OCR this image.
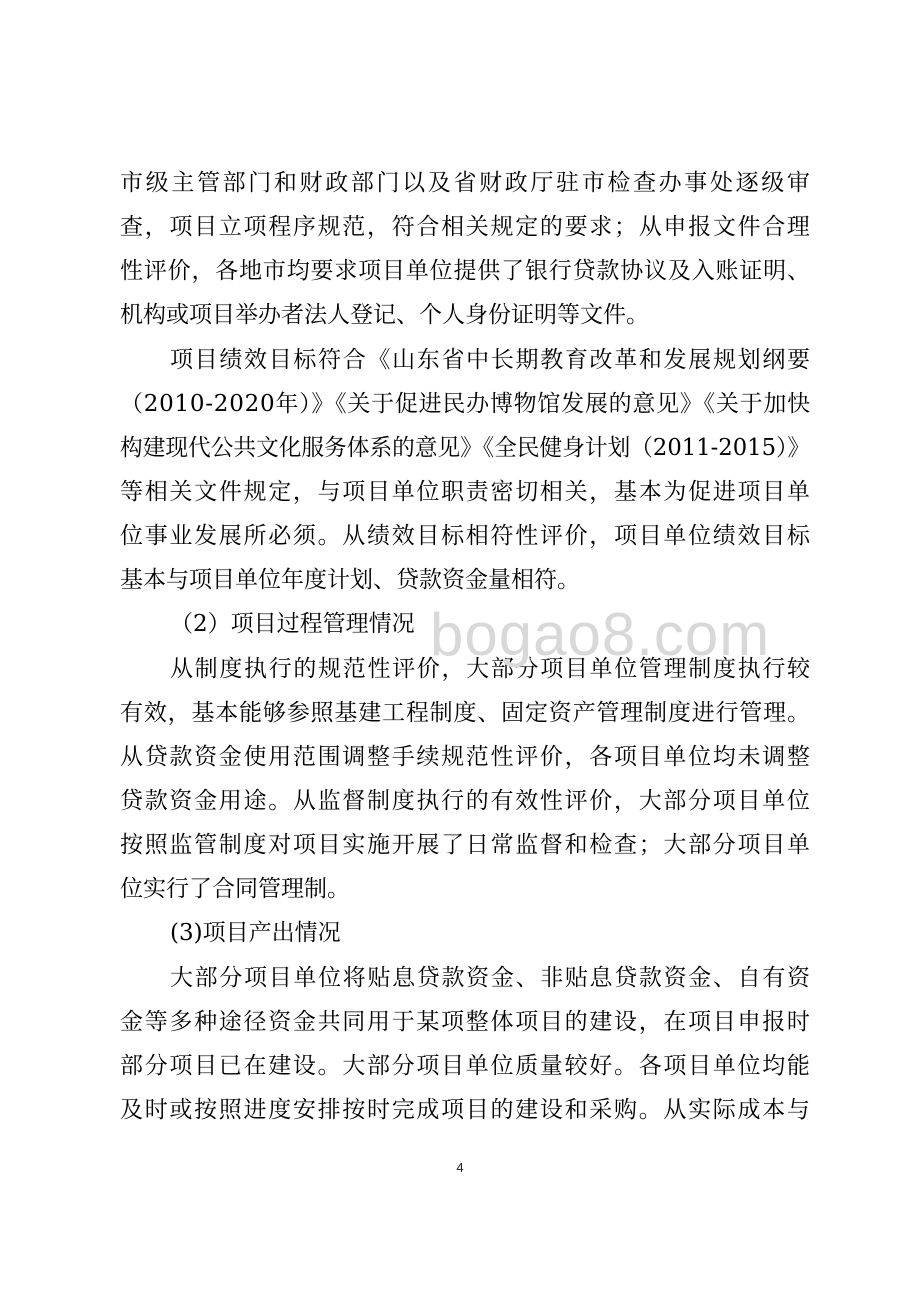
市级主管部门和财政部门以及省财政厅驻市检查办事处逐级审
查，项目立项程序规范，符合相关规定的要求；从申报文件合理
性评价，各地市均要求项目单位提供了银行贷款协议及入账证明、
机构或项目举办者法人登记、个人身份证明等文件。
项目绩效目标符合《山东省中长期教育改革和发展规划纲要
（2010-2020年）》《关于促进民办博物馆发展的意见》《关于加快
构建现代公共文化服务体系的意见》《全民健身计划（2011-2015）》
等相关文件规定，与项目单位职责密切相关，基本为促进项目单
位事业发展所必须。从绩效目标相符性评价，项目单位绩效目标
基本与项目单位年度计划、贷款资金量相符。
（2）项目过程管理情况
从制度执行的规范性评价，大部分项目单位管理制度执行较
有效，基本能够参照基建工程制度、固定资产管理制度进行管理。
从贷款资金使用范围调整手续规范性评价，各项目单位均未调整
贷款资金用途。从监督制度执行的有效性评价，大部分项目单位
按照监管制度对项目实施开展了日常监督和检查；大部分项目单
位实行了合同管理制。
(3)项目产出情况
bogao8.com
4
大部分项目单位将贴息贷款资金、非贴息贷款资金、自有资
金等多种途径资金共同用于某项整体项目的建设，在项目申报时
部分项目已在建设。大部分项目单位质量较好。各项目单位均能
及时或按照进度安排按时完成项目的建设和采购。从实际成本与
